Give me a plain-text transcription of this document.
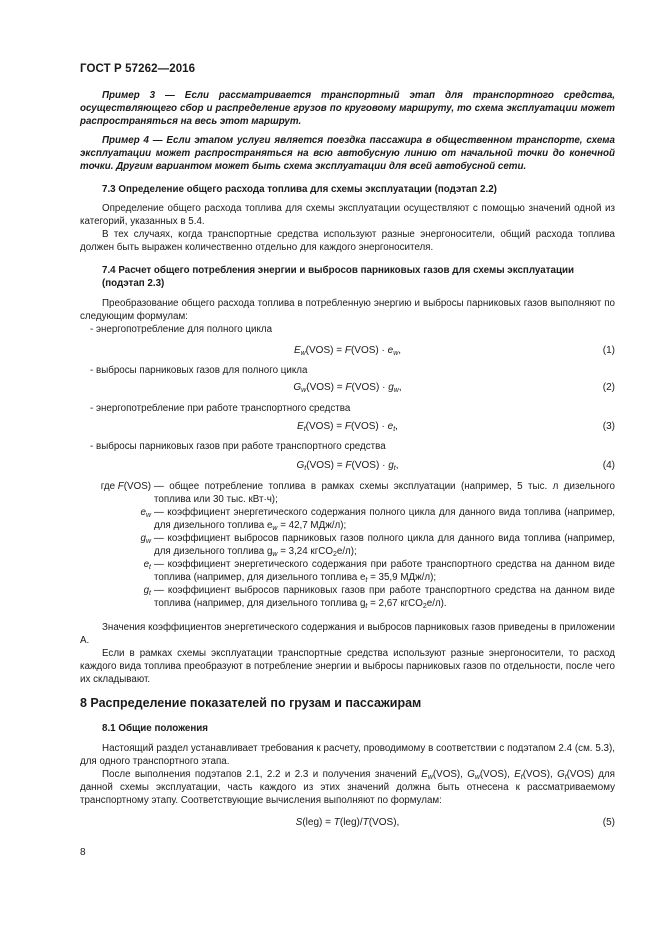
ГОСТ Р 57262—2016

Пример 3 — Если рассматривается транспортный этап для транспортного средства, осуществляющего сбор и распределение грузов по круговому маршруту, то схема эксплуатации может распространяться на весь этот маршрут.

Пример 4 — Если этапом услуги является поездка пассажира в общественном транспорте, схема эксплуатации может распространяться на всю автобусную линию от начальной точки до конечной точки. Другим вариантом может быть схема эксплуатации для всей автобусной сети.

7.3 Определение общего расхода топлива для схемы эксплуатации (подэтап 2.2)

Определение общего расхода топлива для схемы эксплуатации осуществляют с помощью значений одной из категорий, указанных в 5.4.

В тех случаях, когда транспортные средства используют разные энергоносители, общий расхода топлива должен быть выражен количественно отдельно для каждого энергоносителя.

7.4 Расчет общего потребления энергии и выбросов парниковых газов для схемы эксплуатации (подэтап 2.3)

Преобразование общего расхода топлива в потребленную энергию и выбросы парниковых газов выполняют по следующим формулам:

- энергопотребление для полного цикла

$E_w(VOS) = F(VOS) \cdot e_w$,	(1)

- выбросы парниковых газов для полного цикла

$G_w(VOS) = F(VOS) \cdot g_w$,	(2)

- энергопотребление при работе транспортного средства

$E_t(VOS) = F(VOS) \cdot e_t$,	(3)

- выбросы парниковых газов при работе транспортного средства

$G_t(VOS) = F(VOS) \cdot g_t$,	(4)
где F(VOS) — общее потребление топлива в рамках схемы эксплуатации (например, 5 тыс. л дизельного топлива или 30 тыс. кВт·ч);
$e_w$ — коэффициент энергетического содержания полного цикла для данного вида топлива (например, для дизельного топлива $e_w = 42,7$ МДж/л);
$g_w$ — коэффициент выбросов парниковых газов полного цикла для данного вида топлива (например, для дизельного топлива $g_w = 3,24$ кгCO$_2$e/л);
$e_t$ — коэффициент энергетического содержания при работе транспортного средства на данном виде топлива (например, для дизельного топлива $e_t = 35,9$ МДж/л);
$g_t$ — коэффициент выбросов парниковых газов при работе транспортного средства на данном виде топлива (например, для дизельного топлива $g_t = 2,67$ кгCO$_2$e/л).

Значения коэффициентов энергетического содержания и выбросов парниковых газов приведены в приложении А.

Если в рамках схемы эксплуатации транспортные средства используют разные энергоносители, то расход каждого вида топлива преобразуют в потребление энергии и выбросы парниковых газов по отдельности, после чего их складывают.

8 Распределение показателей по грузам и пассажирам
8.1 Общие положения

Настоящий раздел устанавливает требования к расчету, проводимому в соответствии с подэтапом 2.4 (см. 5.3), для одного транспортного этапа.

После выполнения подэтапов 2.1, 2.2 и 2.3 и получения значений $E_w(VOS)$, $G_w(VOS)$, $E_t(VOS)$, $G_t(VOS)$ для данной схемы эксплуатации, часть каждого из этих значений должна быть отнесена к рассматриваемому транспортному этапу. Соответствующие вычисления выполняют по формулам:

S(leg) = T(leg)/T(VOS),	(5)
8
